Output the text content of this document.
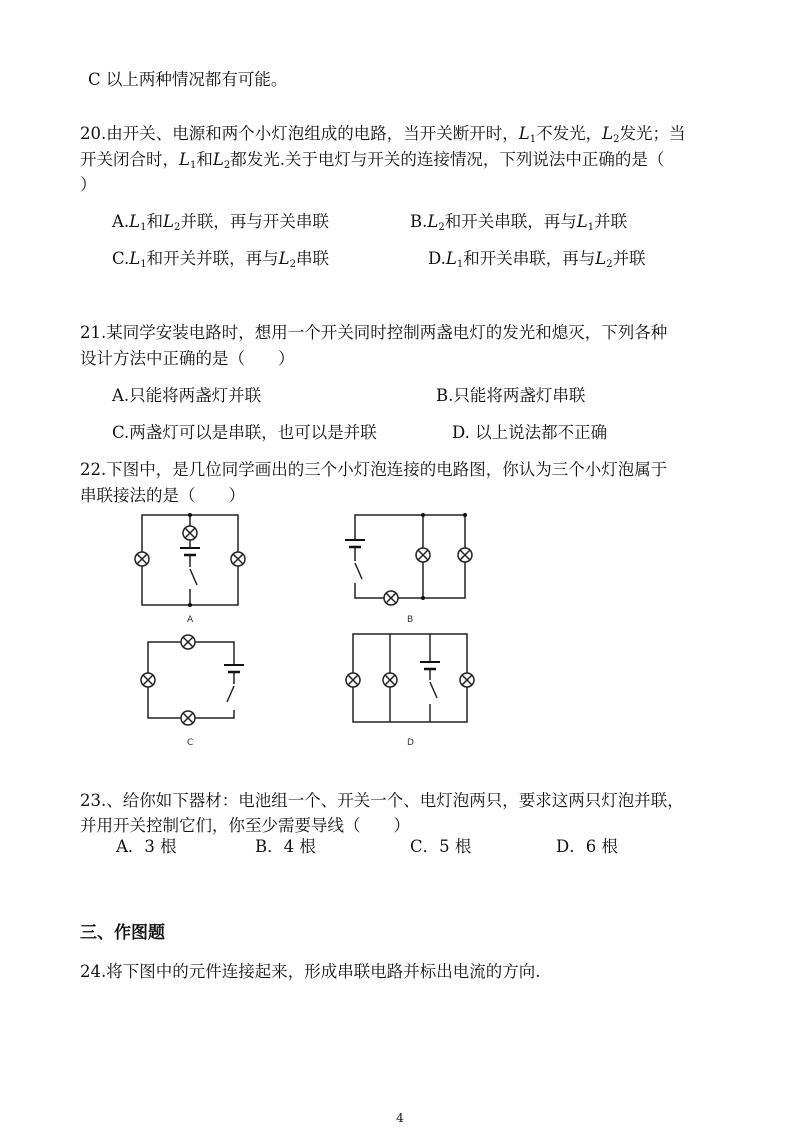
C 以上两种情况都有可能。
20.由开关、电源和两个小灯泡组成的电路，当开关断开时，$L_1$不发光，$L_2$发光；当
开关闭合时，$L_1$和$L_2$都发光.关于电灯与开关的连接情况，下列说法中正确的是（
）
$A.L_1$和$L_2$并联，再与开关串联	$B.L_2$和开关串联，再与$L_1$并联
$C.L_1$和开关并联，再与$L_2$串联	$D.L_1$和开关串联，再与$L_2$并联
21.某同学安装电路时，想用一个开关同时控制两盏电灯的发光和熄灭，下列各种
设计方法中正确的是（　　）
A.只能将两盏灯并联	B.只能将两盏灯串联
C.两盏灯可以是串联，也可以是并联	D. 以上说法都不正确
22.下图中，是几位同学画出的三个小灯泡连接的电路图，你认为三个小灯泡属于
串联接法的是（　　）
A	B
C	D
23.、给你如下器材：电池组一个、开关一个、电灯泡两只，要求这两只灯泡并联，
并用开关控制它们，你至少需要导线（　　）
A．3 根	B．4 根	C．5 根	D．6 根
三、作图题
24.将下图中的元件连接起来，形成串联电路并标出电流的方向.
4
